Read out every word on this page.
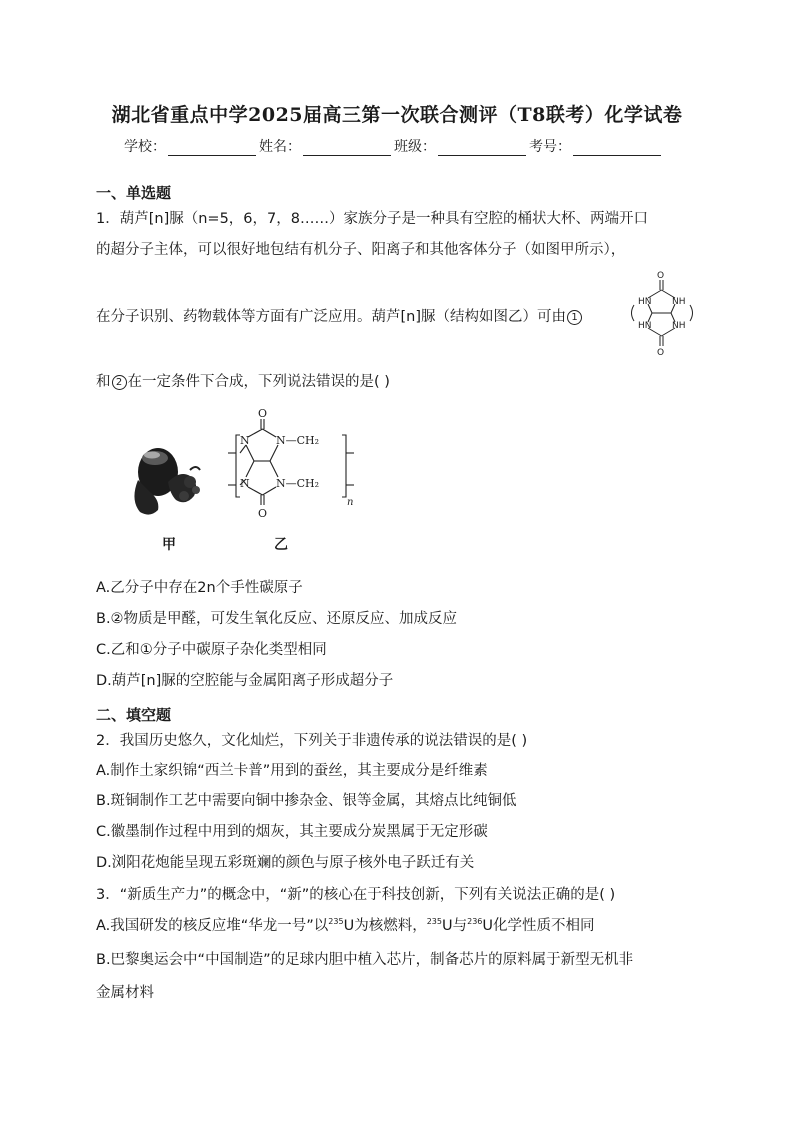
湖北省重点中学2025届高三第一次联合测评（T8联考）化学试卷
学校：	姓名：	班级：	考号：
一、单选题
1．葫芦[n]脲（n=5，6，7，8……）家族分子是一种具有空腔的桶状大杯、两端开口
的超分子主体，可以很好地包结有机分子、阳离子和其他客体分子（如图甲所示），
在分子识别、药物载体等方面有广泛应用。葫芦[n]脲（结构如图乙）可由 1
O
HN NH
HN NH
O
和 2 在一定条件下合成，下列说法错误的是( )
甲
O
N N—CH₂
N N—CH₂
O
n
乙
A.乙分子中存在2n个手性碳原子
B.②物质是甲醛，可发生氧化反应、还原反应、加成反应
C.乙和①分子中碳原子杂化类型相同
D.葫芦[n]脲的空腔能与金属阳离子形成超分子
二、填空题
2．我国历史悠久，文化灿烂，下列关于非遗传承的说法错误的是( )
A.制作土家织锦“西兰卡普”用到的蚕丝，其主要成分是纤维素
B.斑铜制作工艺中需要向铜中掺杂金、银等金属，其熔点比纯铜低
C.徽墨制作过程中用到的烟灰，其主要成分炭黑属于无定形碳
D.浏阳花炮能呈现五彩斑斓的颜色与原子核外电子跃迁有关
3．“新质生产力”的概念中，“新”的核心在于科技创新，下列有关说法正确的是( )
A.我国研发的核反应堆“华龙一号”以$^{235}$U为核燃料，$^{235}$U与$^{236}$U化学性质不相同
B.巴黎奥运会中“中国制造”的足球内胆中植入芯片，制备芯片的原料属于新型无机非
金属材料
